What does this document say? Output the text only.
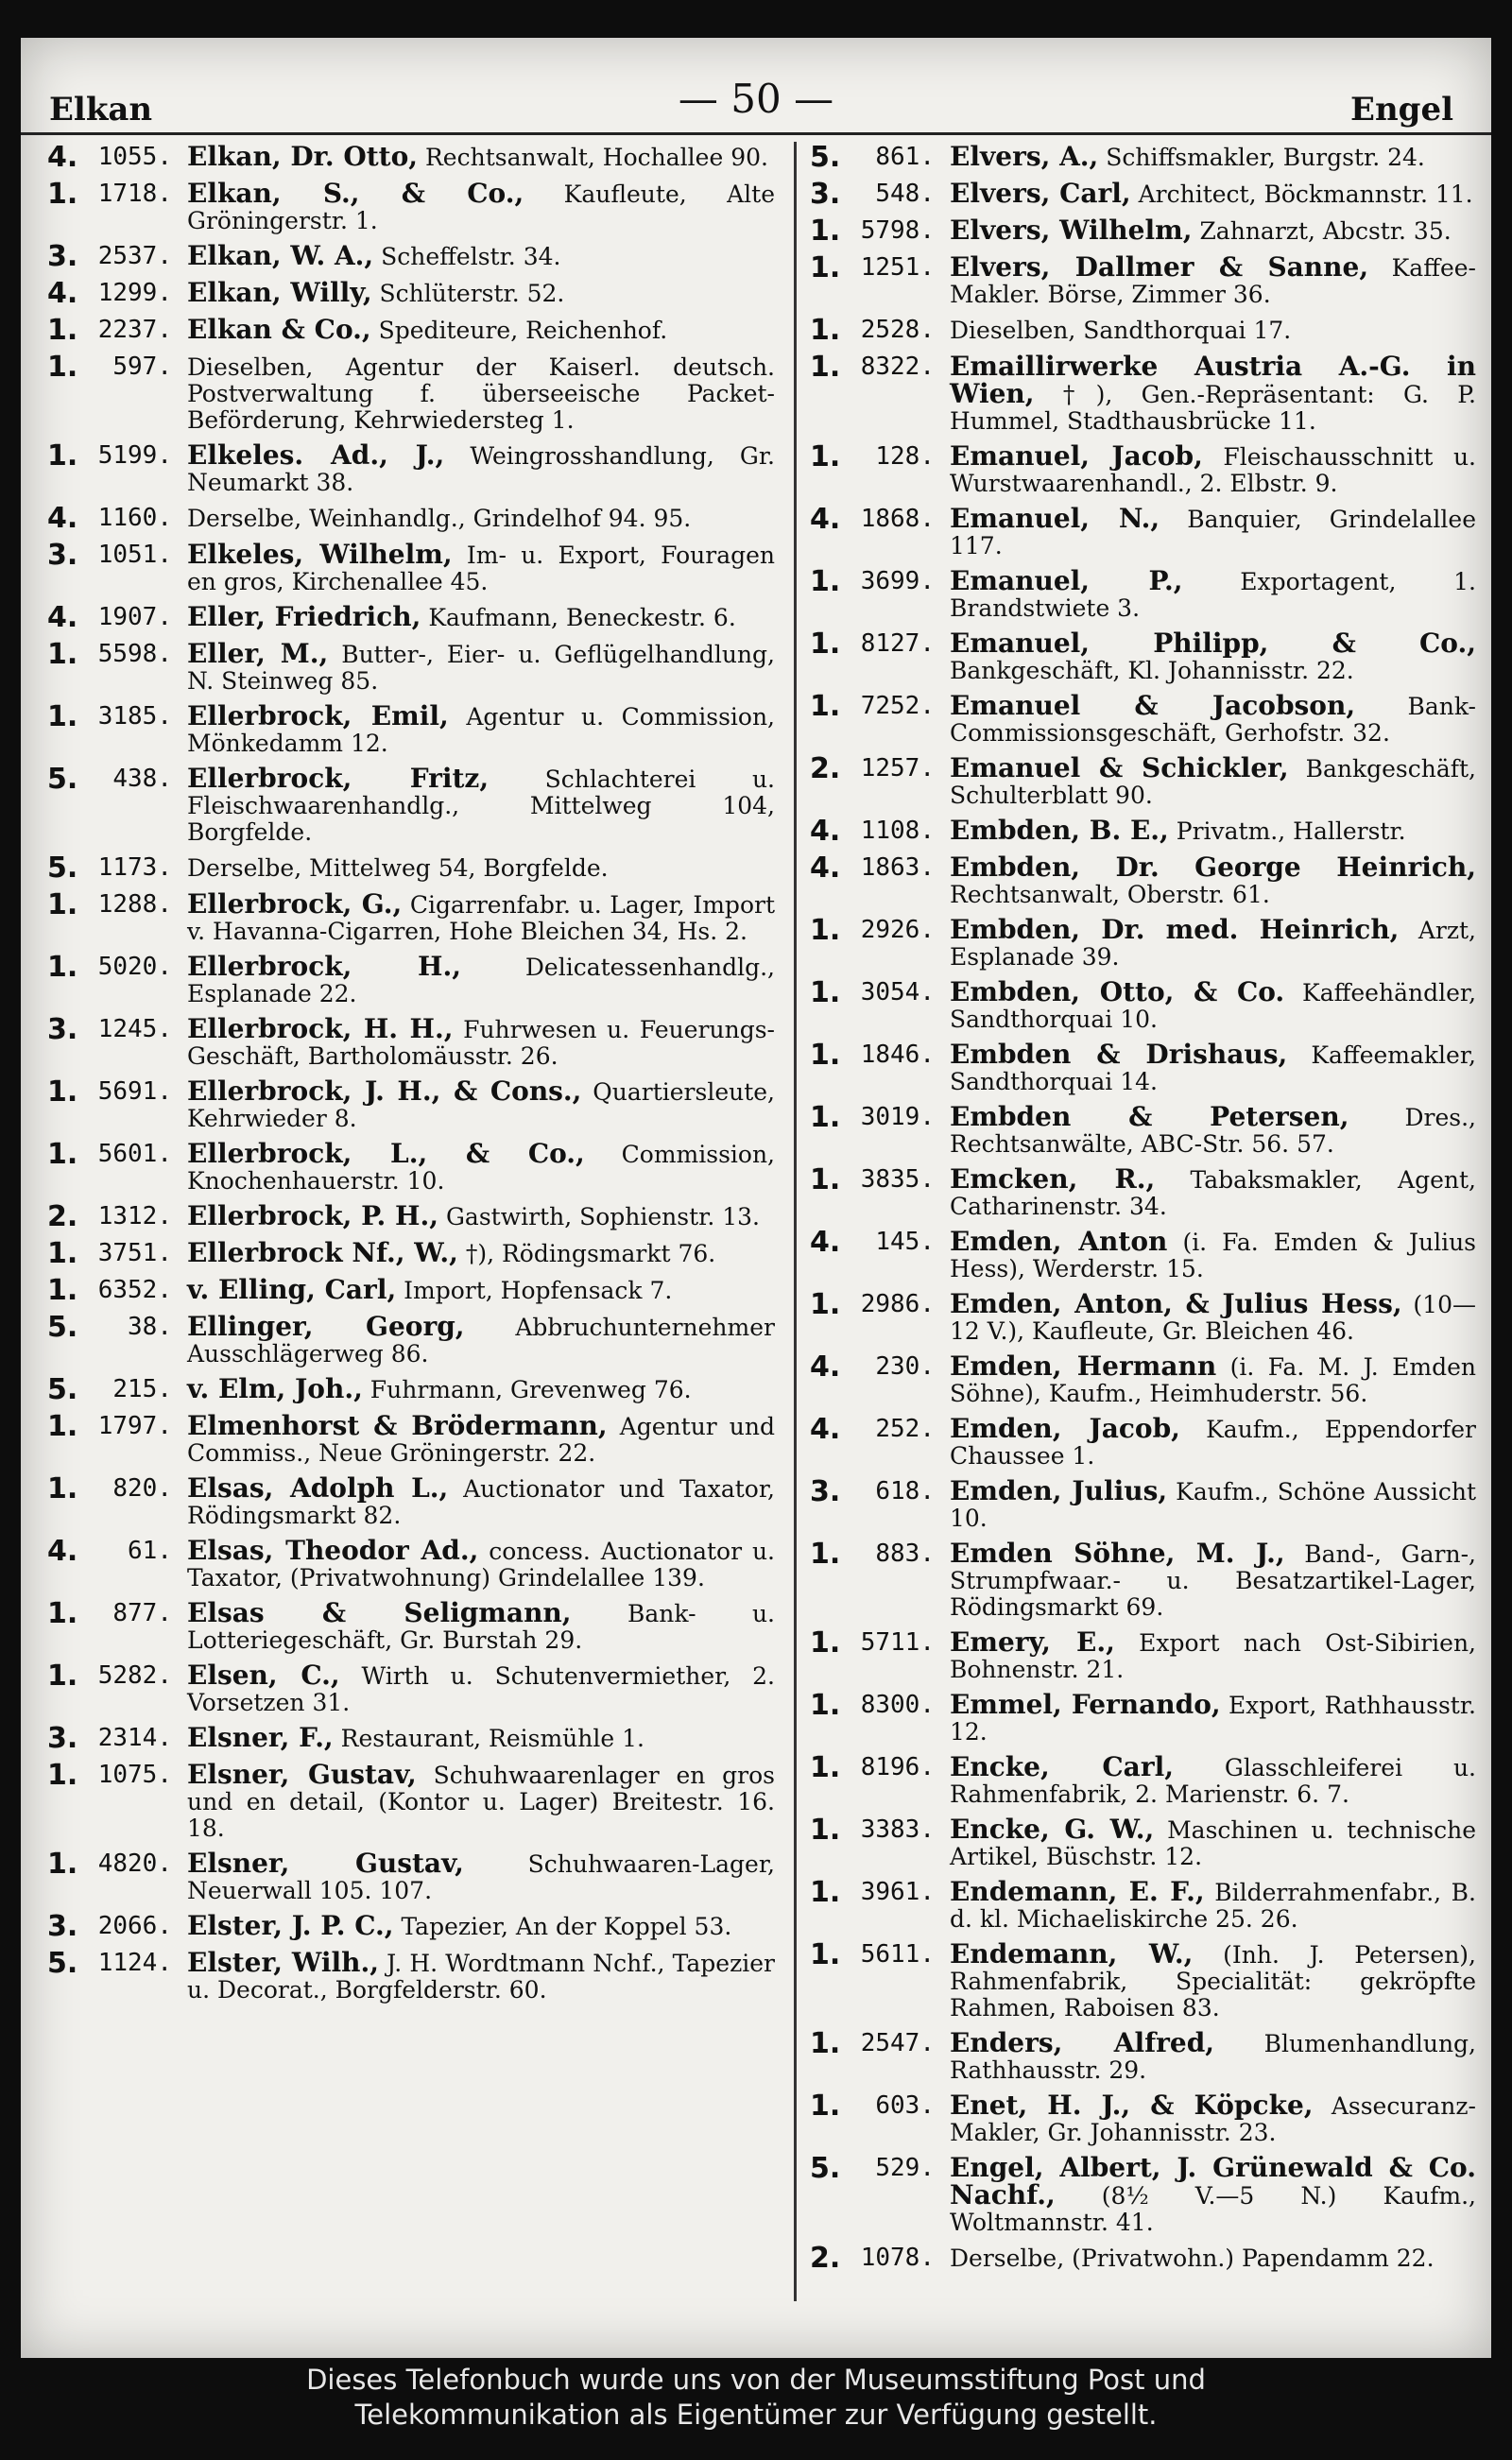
Elkan	— 50 —	Engel
4. 1055. Elkan, Dr. Otto, Rechtsanwalt, Hochallee 90.
1. 1718. Elkan, S., & Co., Kaufleute, Alte Gröningerstr. 1.
3. 2537. Elkan, W. A., Scheffelstr. 34.
4. 1299. Elkan, Willy, Schlüterstr. 52.
1. 2237. Elkan & Co., Spediteure, Reichenhof.
1.	597. Dieselben, Agentur der Kaiserl. deutsch. Postverwaltung f. überseeische Packet-Beförderung, Kehrwiedersteg 1.
1. 5199. Elkeles. Ad., J., Weingrosshandlung, Gr. Neumarkt 38.
4. 1160. Derselbe, Weinhandlg., Grindelhof 94. 95.
3. 1051. Elkeles, Wilhelm, Im- u. Export, Fouragen en gros, Kirchenallee 45.
4. 1907. Eller, Friedrich, Kaufmann, Beneckestr. 6.
1. 5598. Eller, M., Butter-, Eier- u. Geflügelhandlung, N. Steinweg 85.
1. 3185. Ellerbrock, Emil, Agentur u. Commission, Mönkedamm 12.
5.	438. Ellerbrock, Fritz, Schlachterei u. Fleischwaarenhandlg., Mittelweg 104, Borgfelde.
5. 1173. Derselbe, Mittelweg 54, Borgfelde.
1. 1288. Ellerbrock, G., Cigarrenfabr. u. Lager, Import v. Havanna-Cigarren, Hohe Bleichen 34, Hs. 2.
1. 5020. Ellerbrock, H.,	Delicatessenhandlg., Esplanade 22.
3. 1245. Ellerbrock, H. H., Fuhrwesen u. Feuerungs-Geschäft, Bartholomäusstr. 26.
1. 5691. Ellerbrock, J. H., & Cons., Quartiersleute, Kehrwieder 8.
1. 5601. Ellerbrock, L., & Co., Commission, Knochenhauerstr. 10.
2. 1312. Ellerbrock, P. H., Gastwirth, Sophienstr. 13.
1. 3751. Ellerbrock Nf., W., †), Rödingsmarkt 76.
1. 6352. v. Elling, Carl, Import, Hopfensack 7.
5.	38. Ellinger, Georg, Abbruchunternehmer Ausschlägerweg 86.
5.	215. v. Elm, Joh., Fuhrmann, Grevenweg 76.
1. 1797. Elmenhorst & Brödermann, Agentur und Commiss., Neue Gröningerstr. 22.
1.	820. Elsas, Adolph L., Auctionator und Taxator, Rödingsmarkt 82.
4.	61. Elsas, Theodor Ad., concess. Auctionator u. Taxator, (Privatwohnung) Grindelallee 139.
1.	877. Elsas & Seligmann, Bank- u. Lotteriegeschäft, Gr. Burstah 29.
1. 5282. Elsen, C., Wirth u. Schutenvermiether, 2. Vorsetzen 31.
3. 2314. Elsner, F., Restaurant, Reismühle 1.
1. 1075. Elsner, Gustav, Schuhwaarenlager en gros und en detail, (Kontor u. Lager) Breitestr. 16. 18.
1. 4820. Elsner, Gustav,	Schuhwaaren-Lager, Neuerwall 105. 107.
3. 2066. Elster, J. P. C., Tapezier, An der Koppel 53.
5. 1124. Elster, Wilh., J. H. Wordtmann Nchf., Tapezier u. Decorat., Borgfelderstr. 60.
5.	861. Elvers, A., Schiffsmakler, Burgstr. 24.
3.	548. Elvers, Carl, Architect, Böckmannstr. 11.
1. 5798. Elvers, Wilhelm, Zahnarzt, Abcstr. 35.
1. 1251. Elvers, Dallmer & Sanne, Kaffee-Makler. Börse, Zimmer 36.
1. 2528. Dieselben, Sandthorquai 17.
1. 8322. Emaillirwerke Austria A.-G. in Wien, †), Gen.-Repräsentant: G. P. Hummel, Stadthausbrücke 11.
1.	128. Emanuel, Jacob, Fleischausschnitt u. Wurstwaarenhandl., 2. Elbstr. 9.
4. 1868. Emanuel, N., Banquier, Grindelallee 117.
1. 3699. Emanuel, P., Exportagent, 1. Brandstwiete 3.
1. 8127. Emanuel, Philipp, & Co., Bankgeschäft, Kl. Johannisstr. 22.
1. 7252. Emanuel & Jacobson, Bank-Commissionsgeschäft, Gerhofstr. 32.
2. 1257. Emanuel & Schickler, Bankgeschäft, Schulterblatt 90.
4. 1108. Embden, B. E., Privatm., Hallerstr.
4. 1863. Embden, Dr. George Heinrich, Rechtsanwalt, Oberstr. 61.
1. 2926. Embden, Dr. med. Heinrich, Arzt, Esplanade 39.
1. 3054. Embden, Otto, & Co. Kaffeehändler, Sandthorquai 10.
1. 1846. Embden & Drishaus, Kaffeemakler, Sandthorquai 14.
1. 3019. Embden & Petersen, Dres., Rechtsanwälte, ABC-Str. 56. 57.
1. 3835. Emcken, R., Tabaksmakler, Agent, Catharinenstr. 34.
4.	145. Emden, Anton (i. Fa. Emden & Julius Hess), Werderstr. 15.
1. 2986. Emden, Anton, & Julius Hess, (10—12 V.), Kaufleute, Gr. Bleichen 46.
4.	230. Emden, Hermann (i. Fa. M. J. Emden Söhne), Kaufm., Heimhuderstr. 56.
4.	252. Emden, Jacob, Kaufm., Eppendorfer Chaussee 1.
3.	618. Emden, Julius, Kaufm., Schöne Aussicht 10.
1.	883. Emden Söhne, M. J., Band-, Garn-, Strumpfwaar.- u. Besatzartikel-Lager, Rödingsmarkt 69.
1. 5711. Emery, E., Export nach Ost-Sibirien, Bohnenstr. 21.
1. 8300. Emmel, Fernando, Export, Rathhausstr. 12.
1. 8196. Encke, Carl, Glasschleiferei u. Rahmenfabrik, 2. Marienstr. 6. 7.
1. 3383. Encke, G. W., Maschinen u. technische Artikel, Büschstr. 12.
1. 3961. Endemann, E. F., Bilderrahmenfabr., B. d. kl. Michaeliskirche 25. 26.
1. 5611. Endemann, W., (Inh. J. Petersen), Rahmenfabrik, Specialität: gekröpfte Rahmen, Raboisen 83.
1. 2547. Enders, Alfred, Blumenhandlung, Rathhausstr. 29.
1.	603. Enet, H. J., & Köpcke, Assecuranz-Makler, Gr. Johannisstr. 23.
5.	529. Engel, Albert, J. Grünewald & Co. Nachf., (8½ V.—5 N.) Kaufm., Woltmannstr. 41.
2. 1078. Derselbe, (Privatwohn.) Papendamm 22.
Dieses Telefonbuch wurde uns von der Museumsstiftung Post und
Telekommunikation als Eigentümer zur Verfügung gestellt.
